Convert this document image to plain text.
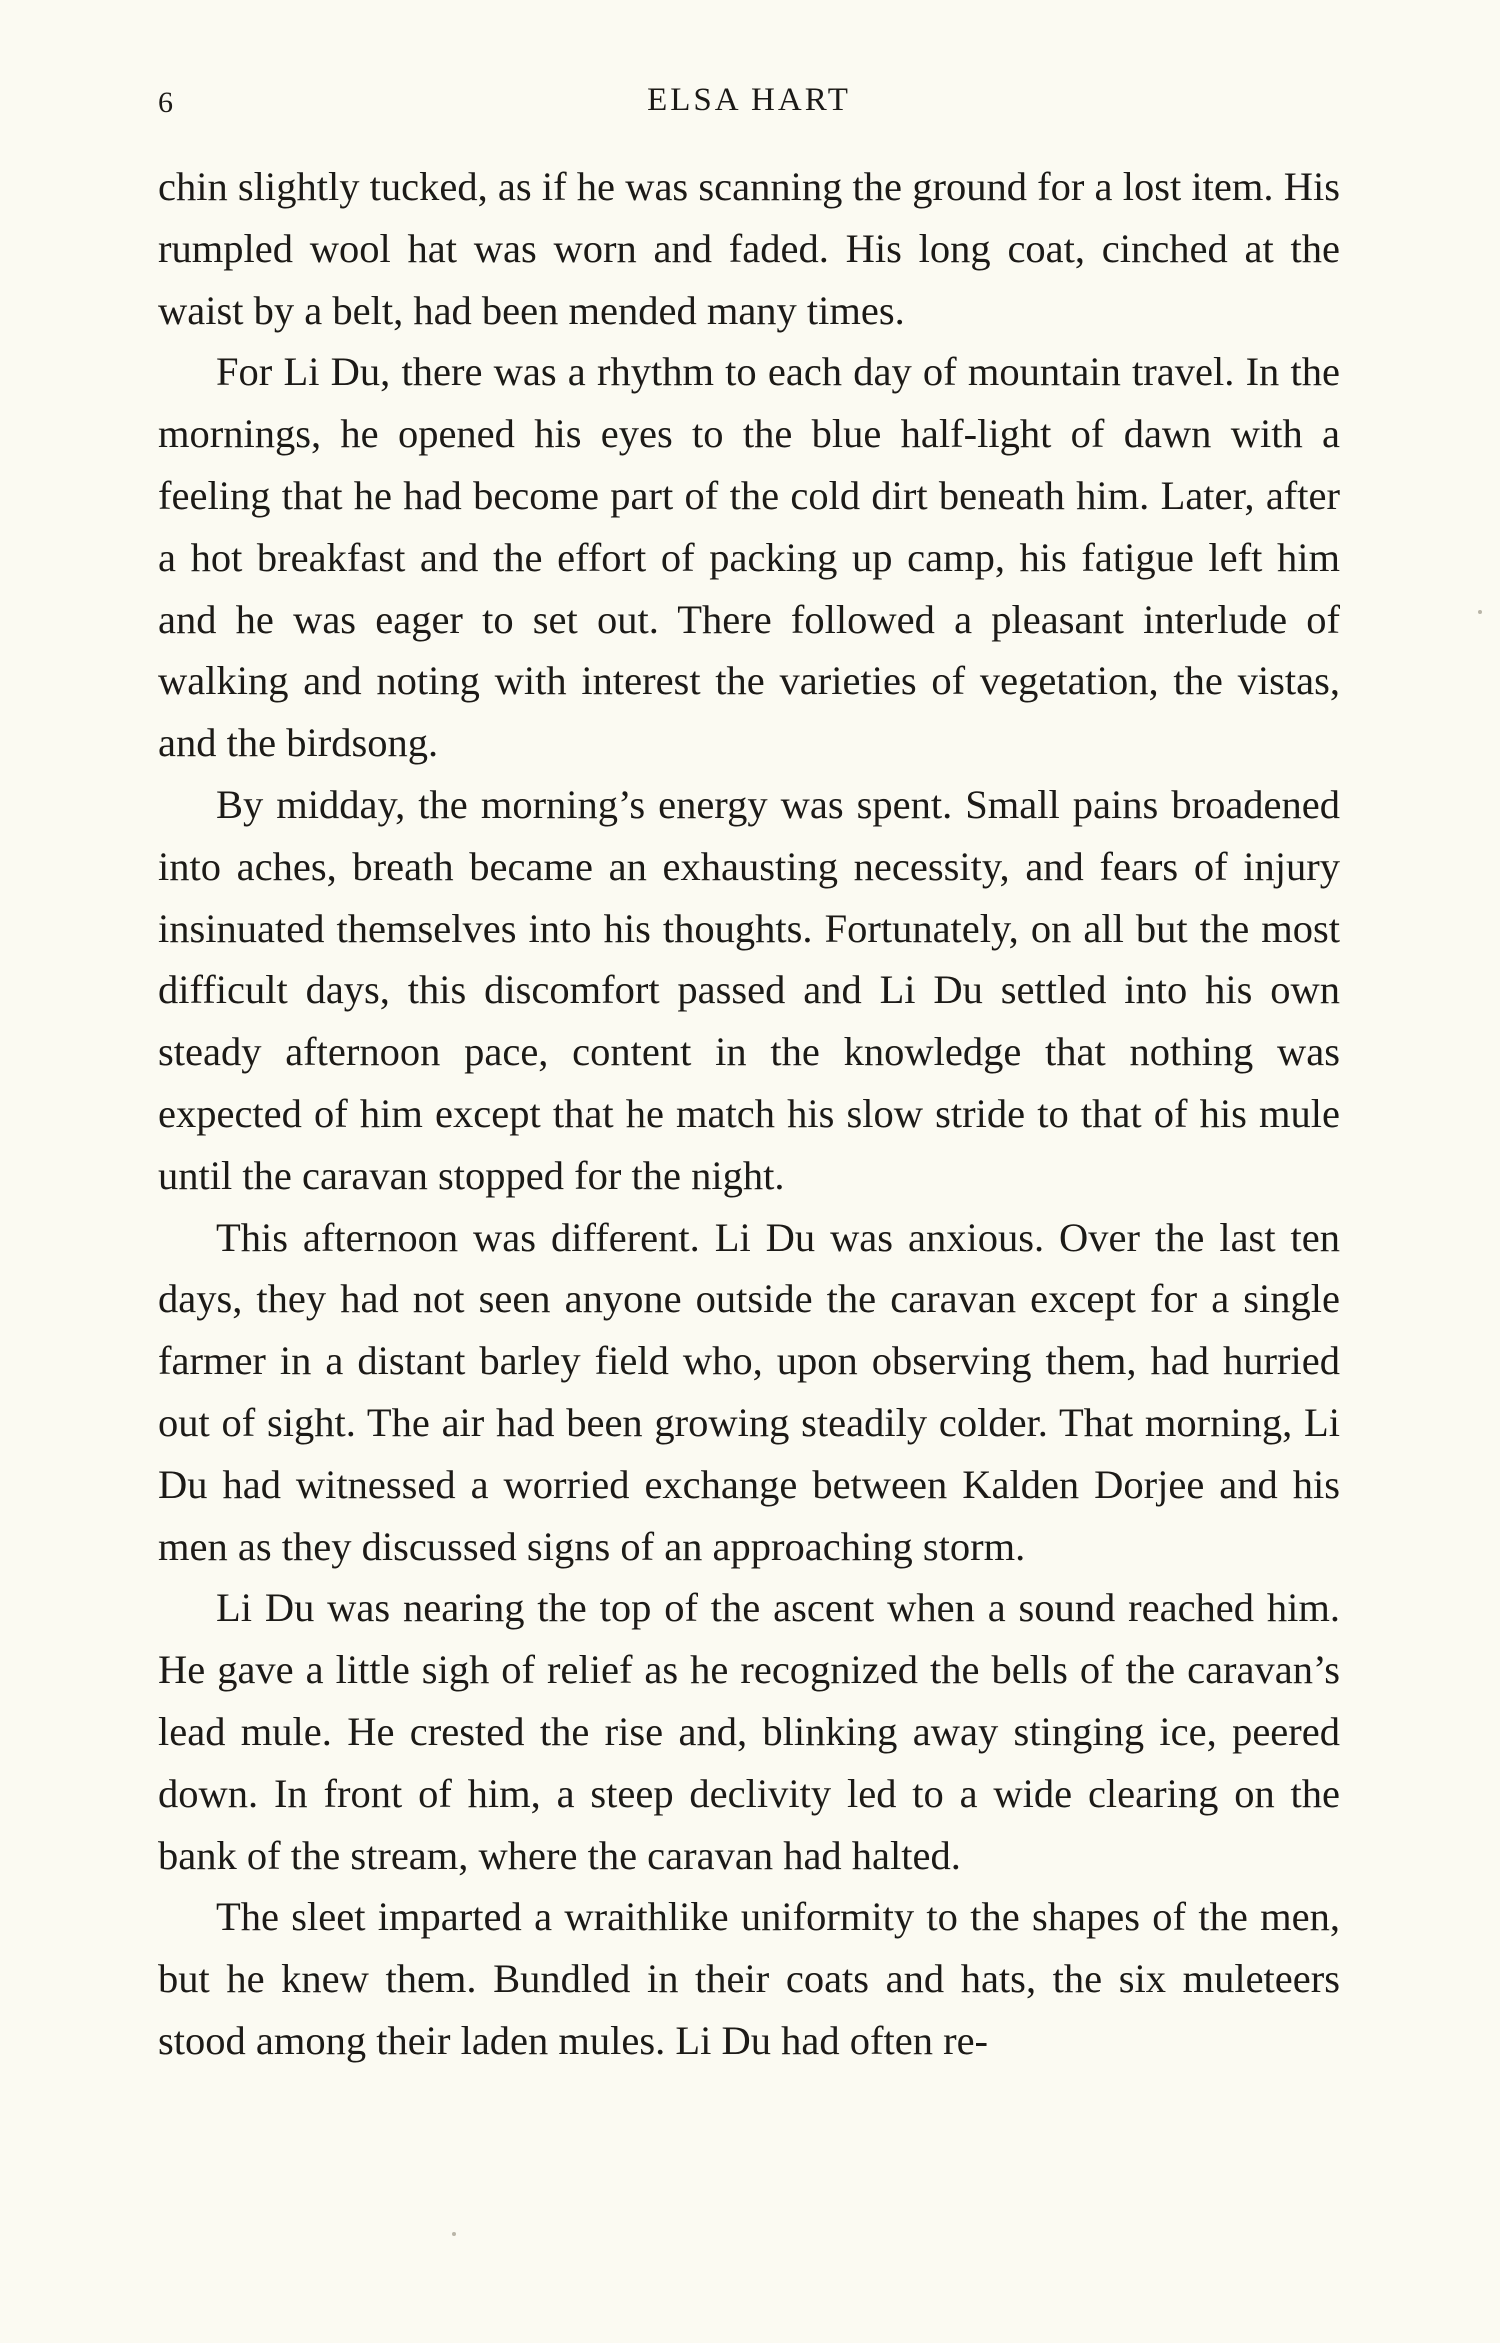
6	ELSA HART

chin slightly tucked, as if he was scanning the ground for a lost item. His rumpled wool hat was worn and faded. His long coat, cinched at the waist by a belt, had been mended many times.

For Li Du, there was a rhythm to each day of mountain travel. In the mornings, he opened his eyes to the blue half-light of dawn with a feeling that he had become part of the cold dirt beneath him. Later, after a hot breakfast and the effort of packing up camp, his fatigue left him and he was eager to set out. There followed a pleasant interlude of walking and noting with interest the varieties of vegetation, the vistas, and the birdsong.

By midday, the morning’s energy was spent. Small pains broadened into aches, breath became an exhausting necessity, and fears of injury insinuated themselves into his thoughts. Fortunately, on all but the most difficult days, this discomfort passed and Li Du settled into his own steady afternoon pace, content in the knowledge that nothing was expected of him except that he match his slow stride to that of his mule until the caravan stopped for the night.

This afternoon was different. Li Du was anxious. Over the last ten days, they had not seen anyone outside the caravan except for a single farmer in a distant barley field who, upon observing them, had hurried out of sight. The air had been growing steadily colder. That morning, Li Du had witnessed a worried exchange between Kalden Dorjee and his men as they discussed signs of an approaching storm.

Li Du was nearing the top of the ascent when a sound reached him. He gave a little sigh of relief as he recognized the bells of the caravan’s lead mule. He crested the rise and, blinking away stinging ice, peered down. In front of him, a steep declivity led to a wide clearing on the bank of the stream, where the caravan had halted.

The sleet imparted a wraithlike uniformity to the shapes of the men, but he knew them. Bundled in their coats and hats, the six muleteers stood among their laden mules. Li Du had often re-
